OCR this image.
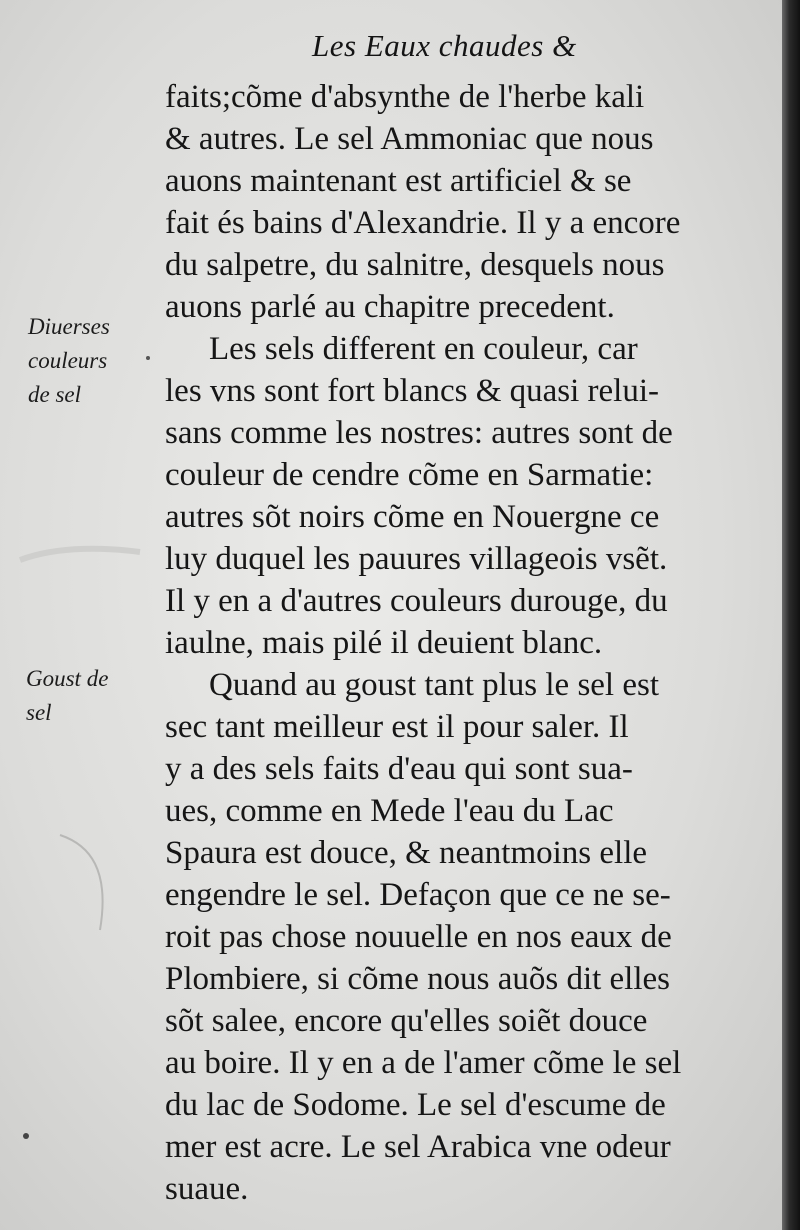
Les Eaux chaudes &
Diuerses
couleurs
de sel
Goust de
sel
faits;cõme d'absynthe de l'herbe kali
& autres. Le sel Ammoniac que nous
auons maintenant est artificiel & se
fait és bains d'Alexandrie. Il y a encore
du salpetre, du salnitre, desquels nous
auons parlé au chapitre precedent.
Les sels different en couleur, car
les vns sont fort blancs & quasi relui-
sans comme les nostres: autres sont de
couleur de cendre cõme en Sarmatie:
autres sõt noirs cõme en Nouergne ce
luy duquel les pauures villageois vsẽt.
Il y en a d'autres couleurs durouge, du
iaulne, mais pilé il deuient blanc.
Quand au goust tant plus le sel est
sec tant meilleur est il pour saler. Il
y a des sels faits d'eau qui sont sua-
ues, comme en Mede l'eau du Lac
Spaura est douce, & neantmoins elle
engendre le sel. Defaçon que ce ne se-
roit pas chose nouuelle en nos eaux de
Plombiere, si cõme nous auõs dit elles
sõt salee, encore qu'elles soiẽt douce
au boire. Il y en a de l'amer cõme le sel
du lac de Sodome. Le sel d'escume de
mer est acre. Le sel Arabica vne odeur
suaue.
